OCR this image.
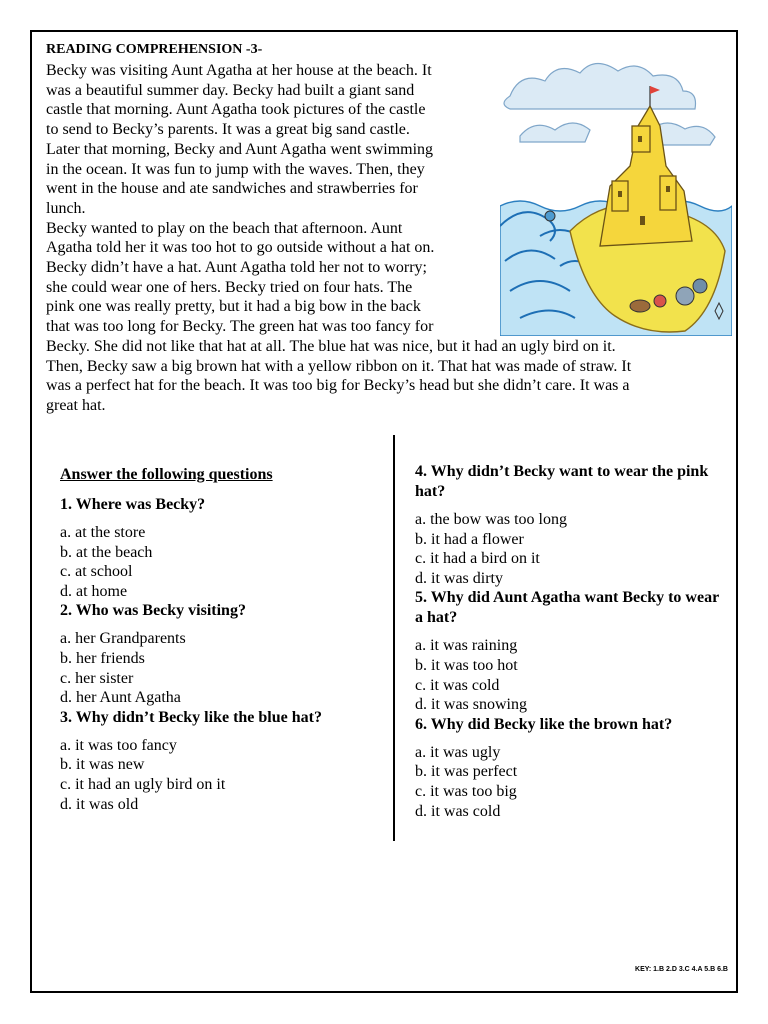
READING COMPREHENSION -3-

Becky was visiting Aunt Agatha at her house at the beach. It
was a beautiful summer day. Becky had built a giant sand
castle that morning. Aunt Agatha took pictures of the castle
to send to Becky’s parents. It was a great big sand castle.
Later that morning, Becky and Aunt Agatha went swimming
in the ocean. It was fun to jump with the waves. Then, they
went in the house and ate sandwiches and strawberries for
lunch.
Becky wanted to play on the beach that afternoon. Aunt
Agatha told her it was too hot to go outside without a hat on.
Becky didn’t have a hat. Aunt Agatha told her not to worry;
she could wear one of hers. Becky tried on four hats. The
pink one was really pretty, but it had a big bow in the back
that was too long for Becky. The green hat was too fancy for
Becky. She did not like that hat at all. The blue hat was nice, but it had an ugly bird on it.
Then, Becky saw a big brown hat with a yellow ribbon on it. That hat was made of straw. It
was a perfect hat for the beach. It was too big for Becky’s head but she didn’t care. It was a
great hat.

Answer the following questions
1. Where was Becky?
a. at the store
b. at the beach
c. at school
d. at home
2. Who was Becky visiting?
a. her Grandparents
b. her friends
c. her sister
d. her Aunt Agatha
3. Why didn’t Becky like the blue hat?
a. it was too fancy
b. it was new
c. it had an ugly bird on it
d. it was old
4. Why didn’t Becky want to wear the pink hat?
a. the bow was too long
b. it had a flower
c. it had a bird on it
d. it was dirty
5. Why did Aunt Agatha want Becky to wear a hat?
a. it was raining
b. it was too hot
c. it was cold
d. it was snowing
6. Why did Becky like the brown hat?
a. it was ugly
b. it was perfect
c. it was too big
d. it was cold
KEY: 1.B 2.D 3.C 4.A 5.B 6.B
